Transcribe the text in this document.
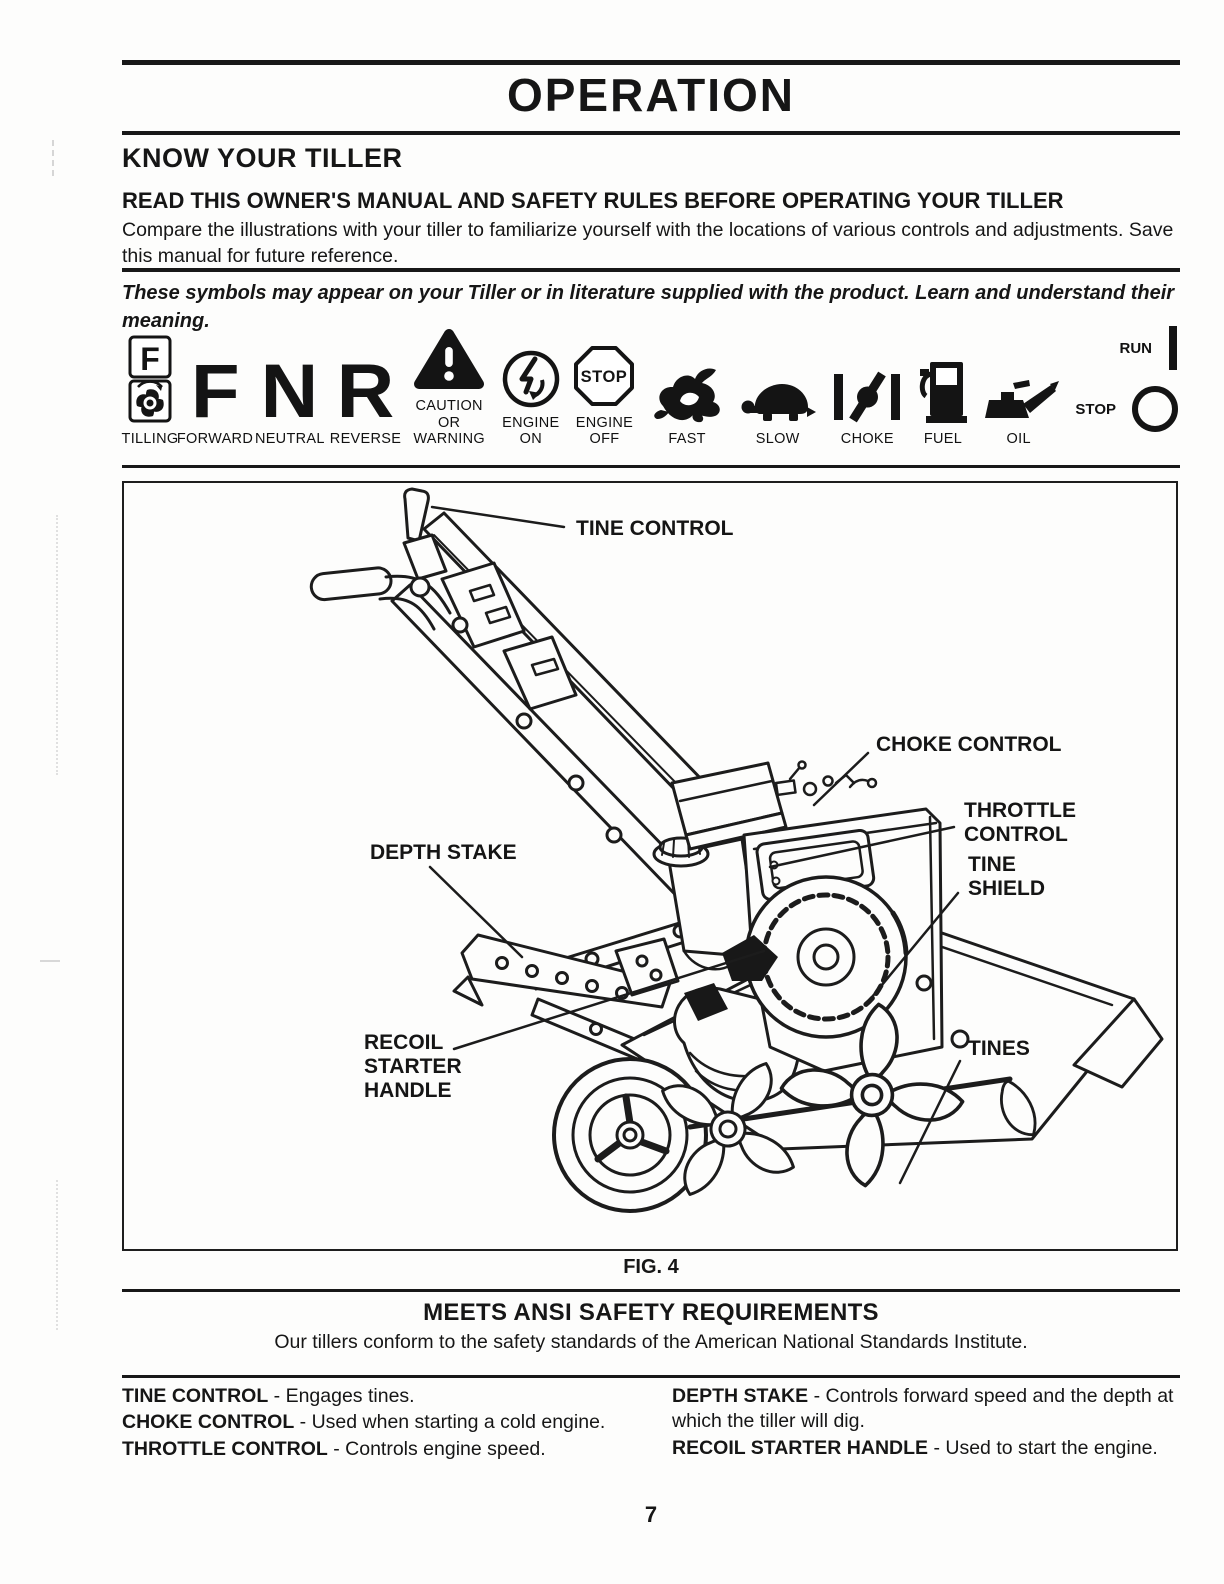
OPERATION
KNOW YOUR TILLER
READ THIS OWNER'S MANUAL AND SAFETY RULES BEFORE OPERATING YOUR TILLER
Compare the illustrations with your tiller to familiarize yourself with the locations of various controls and adjustments. Save this manual for future reference.
These symbols may appear on your Tiller or in literature supplied with the product. Learn and understand their meaning.
F
TILLING
F
FORWARD
N
NEUTRAL
R
REVERSE
CAUTION OR WARNING
ENGINE ON
STOP
ENGINE OFF	FAST	SLOW	CHOKE FUEL	OIL
RUN
STOP
TINE CONTROL
CHOKE CONTROL
THROTTLE
CONTROL
TINE
SHIELD
DEPTH STAKE
RECOIL
STARTER
HANDLE
TINES
FIG. 4
MEETS ANSI SAFETY REQUIREMENTS
Our tillers conform to the safety standards of the American National Standards Institute.
TINE CONTROL - Engages tines.
CHOKE CONTROL - Used when starting a cold engine.
THROTTLE CONTROL - Controls engine speed.
DEPTH STAKE - Controls forward speed and the depth at which the tiller will dig.
RECOIL STARTER HANDLE - Used to start the engine.
7
